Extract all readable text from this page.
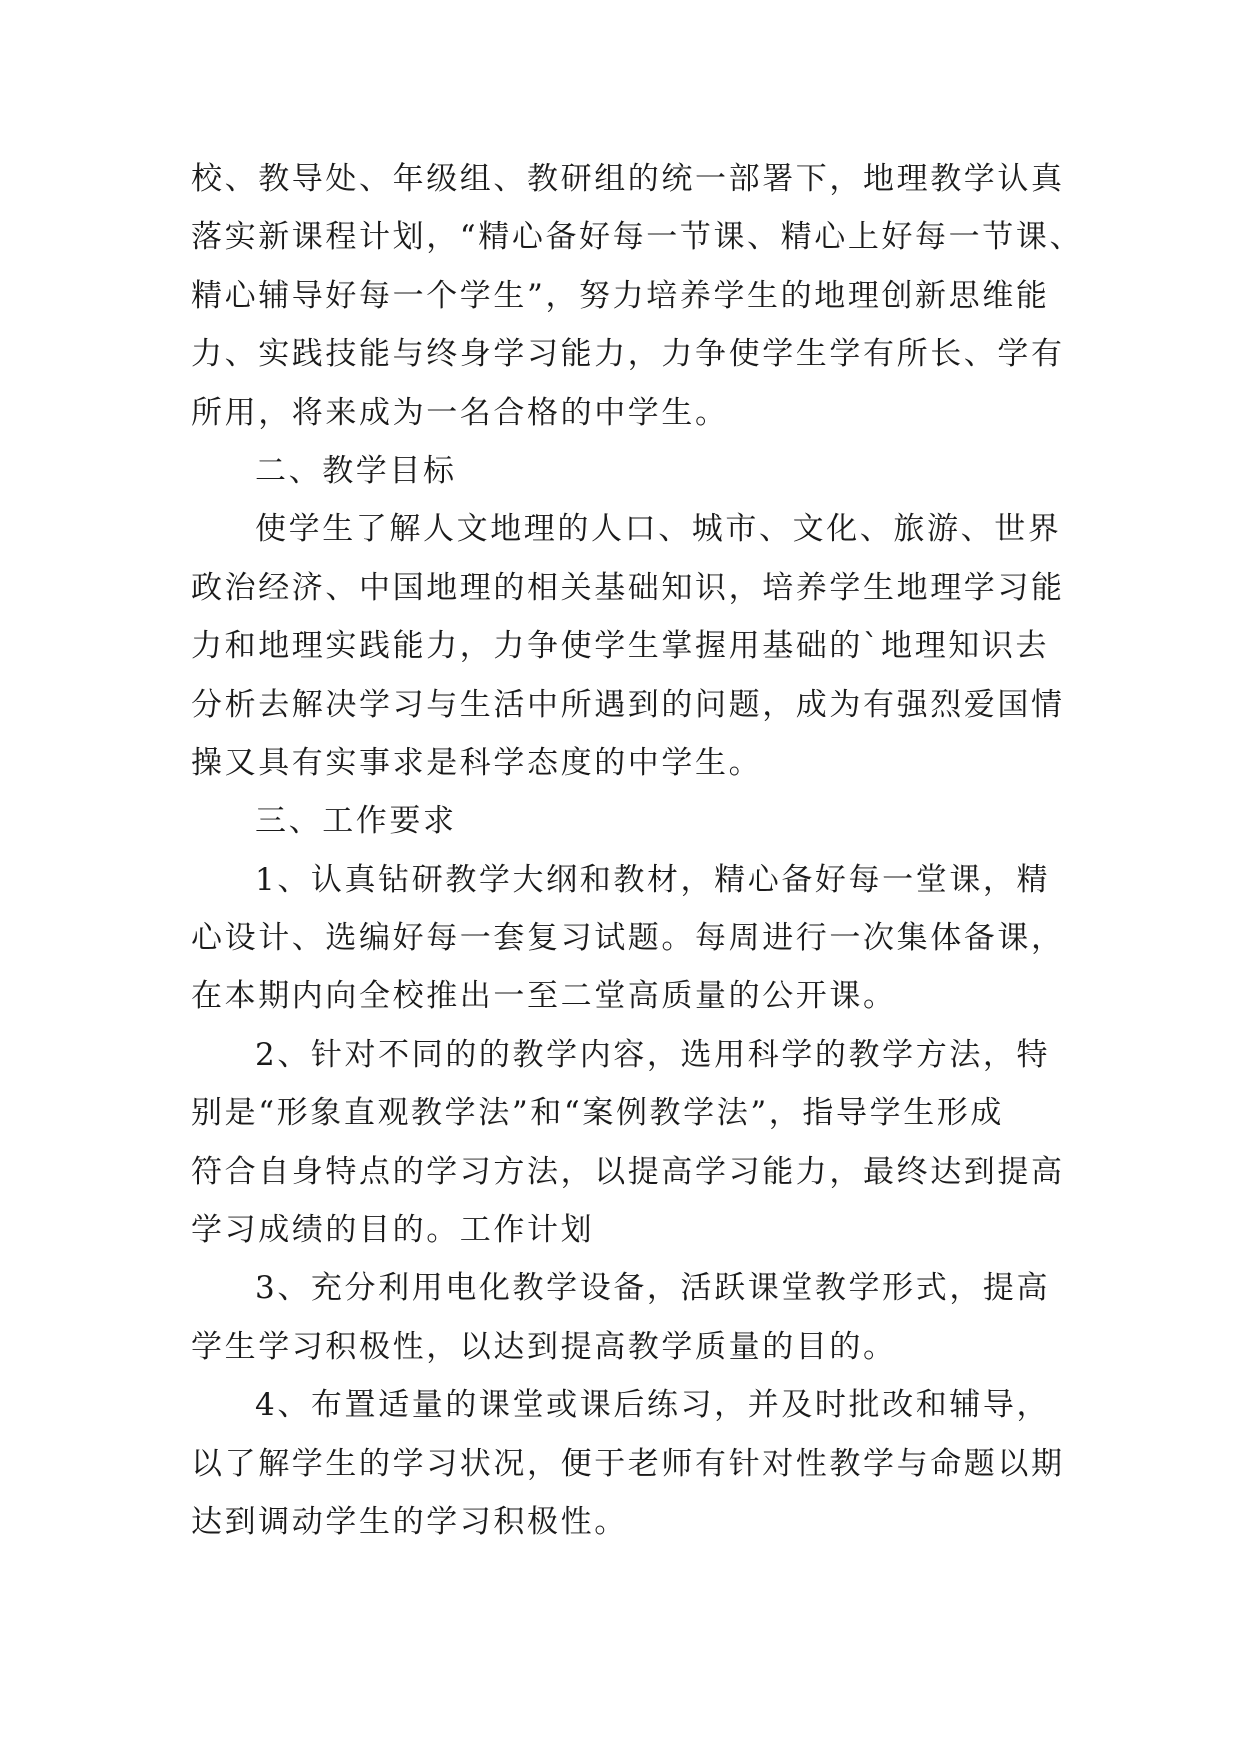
校、教导处、年级组、教研组的统一部署下，地理教学认真
落实新课程计划，“精心备好每一节课、精心上好每一节课、
精心辅导好每一个学生”，努力培养学生的地理创新思维能
力、实践技能与终身学习能力，力争使学生学有所长、学有
所用，将来成为一名合格的中学生。
二、教学目标
使学生了解人文地理的人口、城市、文化、旅游、世界
政治经济、中国地理的相关基础知识，培养学生地理学习能
力和地理实践能力，力争使学生掌握用基础的`地理知识去
分析去解决学习与生活中所遇到的问题，成为有强烈爱国情
操又具有实事求是科学态度的中学生。
三、工作要求
1、认真钻研教学大纲和教材，精心备好每一堂课，精
心设计、选编好每一套复习试题。每周进行一次集体备课，
在本期内向全校推出一至二堂高质量的公开课。
2、针对不同的的教学内容，选用科学的教学方法，特
别是“形象直观教学法”和“案例教学法”，指导学生形成
符合自身特点的学习方法，以提高学习能力，最终达到提高
学习成绩的目的。工作计划
3、充分利用电化教学设备，活跃课堂教学形式，提高
学生学习积极性，以达到提高教学质量的目的。
4、布置适量的课堂或课后练习，并及时批改和辅导，
以了解学生的学习状况，便于老师有针对性教学与命题以期
达到调动学生的学习积极性。
